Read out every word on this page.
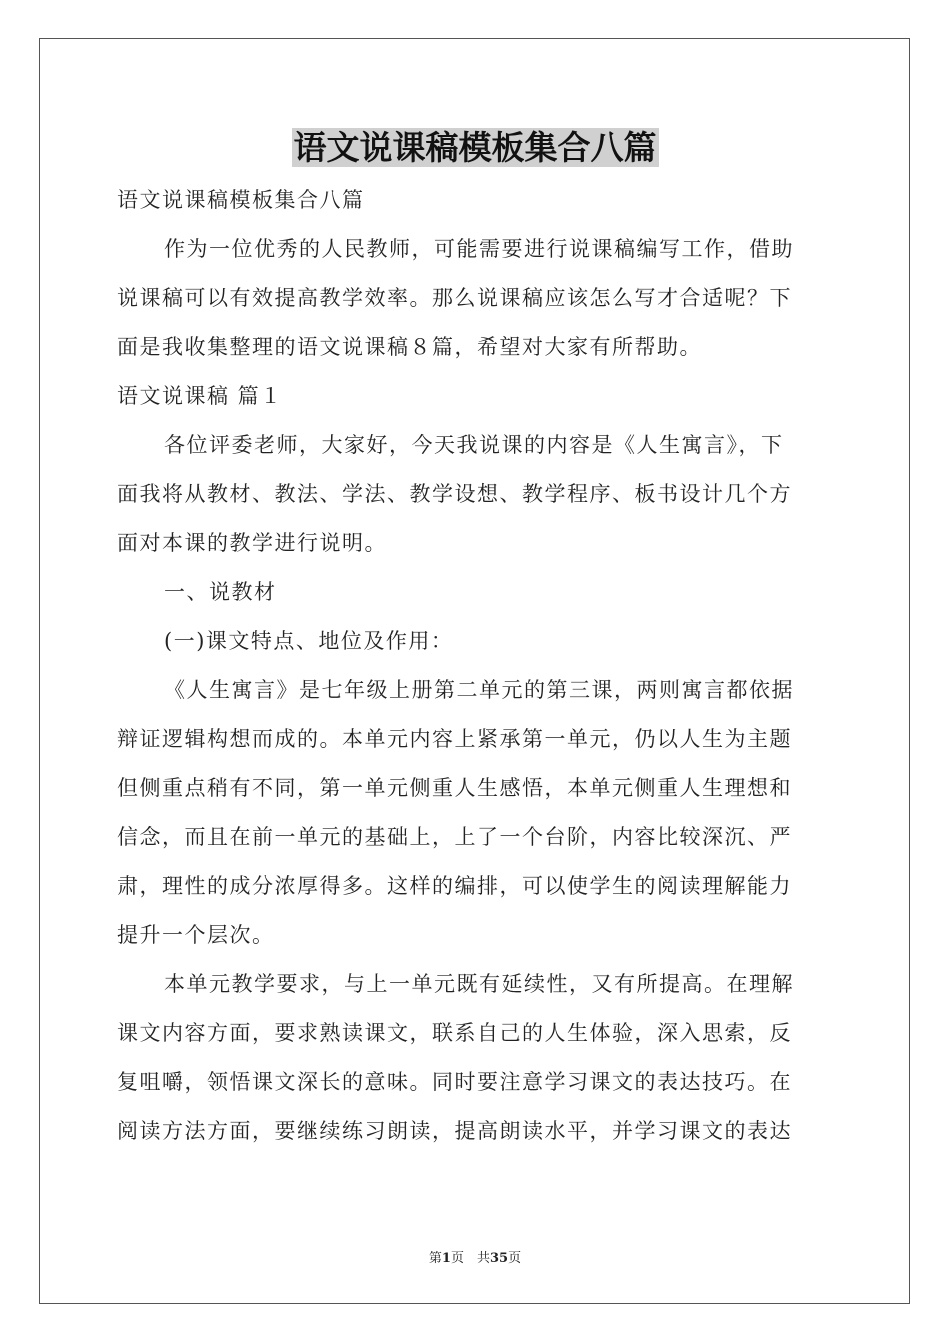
语文说课稿模板集合八篇
语文说课稿模板集合八篇
作为一位优秀的人民教师，可能需要进行说课稿编写工作，借助
说课稿可以有效提高教学效率。那么说课稿应该怎么写才合适呢？下
面是我收集整理的语文说课稿８篇，希望对大家有所帮助。
语文说课稿 篇１
各位评委老师，大家好，今天我说课的内容是《人生寓言》，下
面我将从教材、教法、学法、教学设想、教学程序、板书设计几个方
面对本课的教学进行说明。
一、说教材
(一)课文特点、地位及作用：
《人生寓言》是七年级上册第二单元的第三课，两则寓言都依据
辩证逻辑构想而成的。本单元内容上紧承第一单元，仍以人生为主题
但侧重点稍有不同，第一单元侧重人生感悟，本单元侧重人生理想和
信念，而且在前一单元的基础上，上了一个台阶，内容比较深沉、严
肃，理性的成分浓厚得多。这样的编排，可以使学生的阅读理解能力
提升一个层次。
本单元教学要求，与上一单元既有延续性，又有所提高。在理解
课文内容方面，要求熟读课文，联系自己的人生体验，深入思索，反
复咀嚼，领悟课文深长的意味。同时要注意学习课文的表达技巧。在
阅读方法方面，要继续练习朗读，提高朗读水平，并学习课文的表达
第1页　共35页
